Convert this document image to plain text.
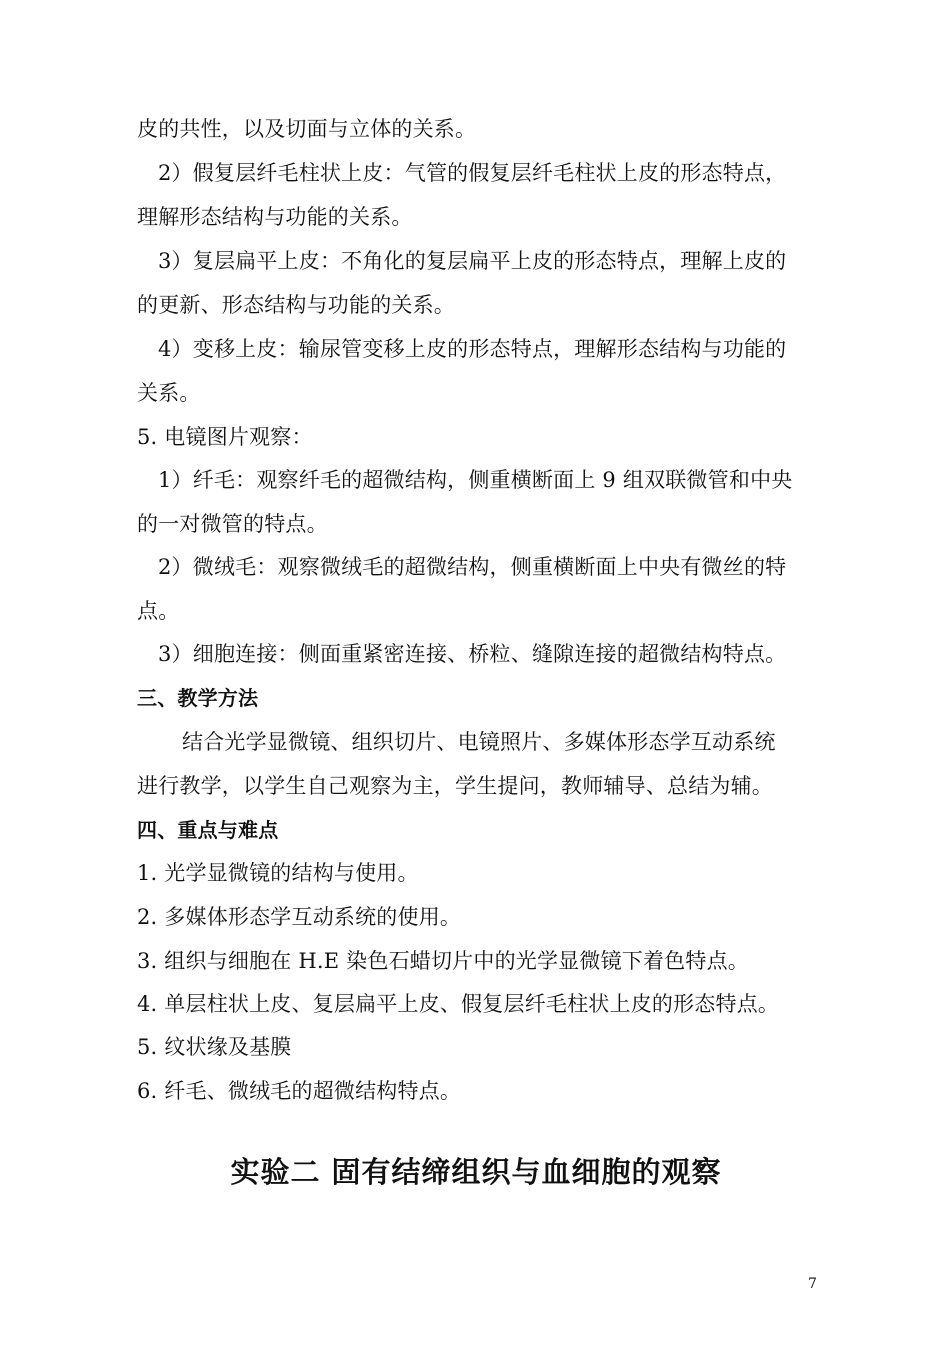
皮的共性，以及切面与立体的关系。
2）假复层纤毛柱状上皮：气管的假复层纤毛柱状上皮的形态特点，
理解形态结构与功能的关系。
3）复层扁平上皮：不角化的复层扁平上皮的形态特点，理解上皮的
的更新、形态结构与功能的关系。
4）变移上皮：输尿管变移上皮的形态特点，理解形态结构与功能的
关系。
5. 电镜图片观察：
1）纤毛：观察纤毛的超微结构，侧重横断面上 9 组双联微管和中央
的一对微管的特点。
2）微绒毛：观察微绒毛的超微结构，侧重横断面上中央有微丝的特
点。
3）细胞连接：侧面重紧密连接、桥粒、缝隙连接的超微结构特点。
三、教学方法
结合光学显微镜、组织切片、电镜照片、多媒体形态学互动系统
进行教学，以学生自己观察为主，学生提问，教师辅导、总结为辅。
四、重点与难点
1. 光学显微镜的结构与使用。
2. 多媒体形态学互动系统的使用。
3. 组织与细胞在 H.E 染色石蜡切片中的光学显微镜下着色特点。
4. 单层柱状上皮、复层扁平上皮、假复层纤毛柱状上皮的形态特点。
5. 纹状缘及基膜
6. 纤毛、微绒毛的超微结构特点。
实验二 固有结缔组织与血细胞的观察
7
